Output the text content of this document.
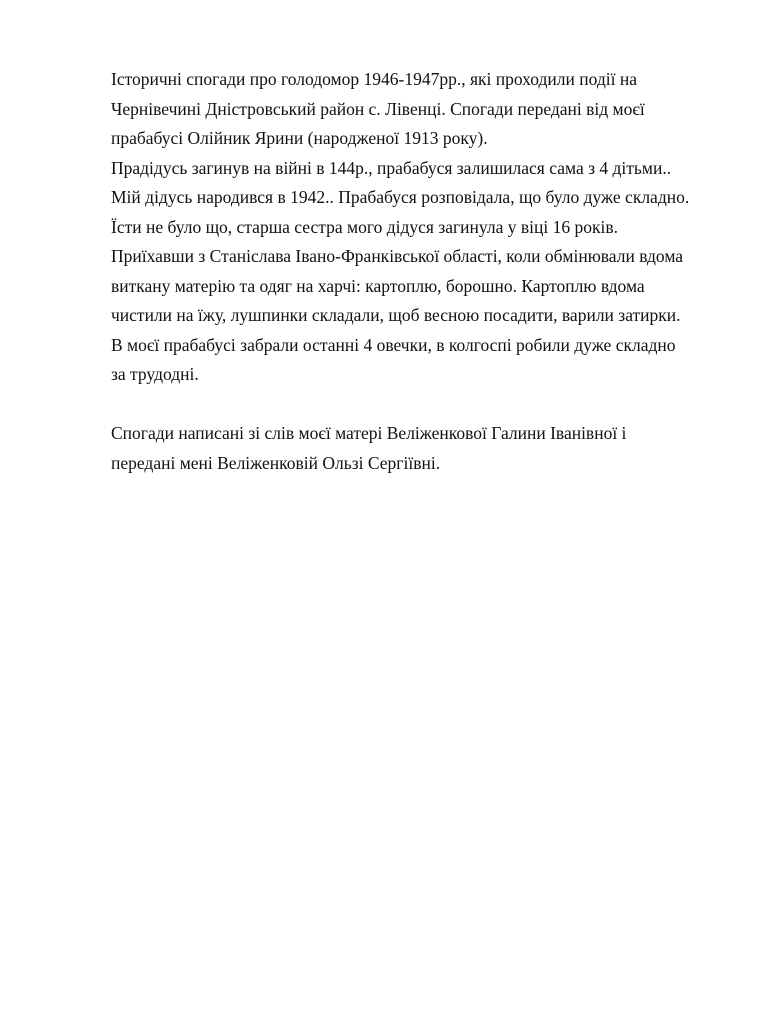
Історичні спогади про голодомор 1946-1947рр., які проходили події на
Чернівечині Дністровський район с. Лівенці. Спогади передані від моєї
прабабусі Олійник Ярини (народженої 1913 року).
Прадідусь загинув на війні в 144р., прабабуся залишилася сама з 4 дітьми..
Мій дідусь народився в 1942.. Прабабуся розповідала, що було дуже складно.
Їсти не було що, старша сестра мого дідуся загинула у віці 16 років.
Приїхавши з Станіслава Івано-Франківської області, коли обмінювали вдома
виткану матерію та одяг на харчі: картоплю, борошно. Картоплю вдома
чистили на їжу, лушпинки складали, щоб весною посадити, варили затирки.
В моєї прабабусі забрали останні 4 овечки, в колгоспі робили дуже складно
за трудодні.
Спогади написані зі слів моєї матері Веліженкової Галини Іванівної і
передані мені Веліженковій Ользі Сергіївні.
